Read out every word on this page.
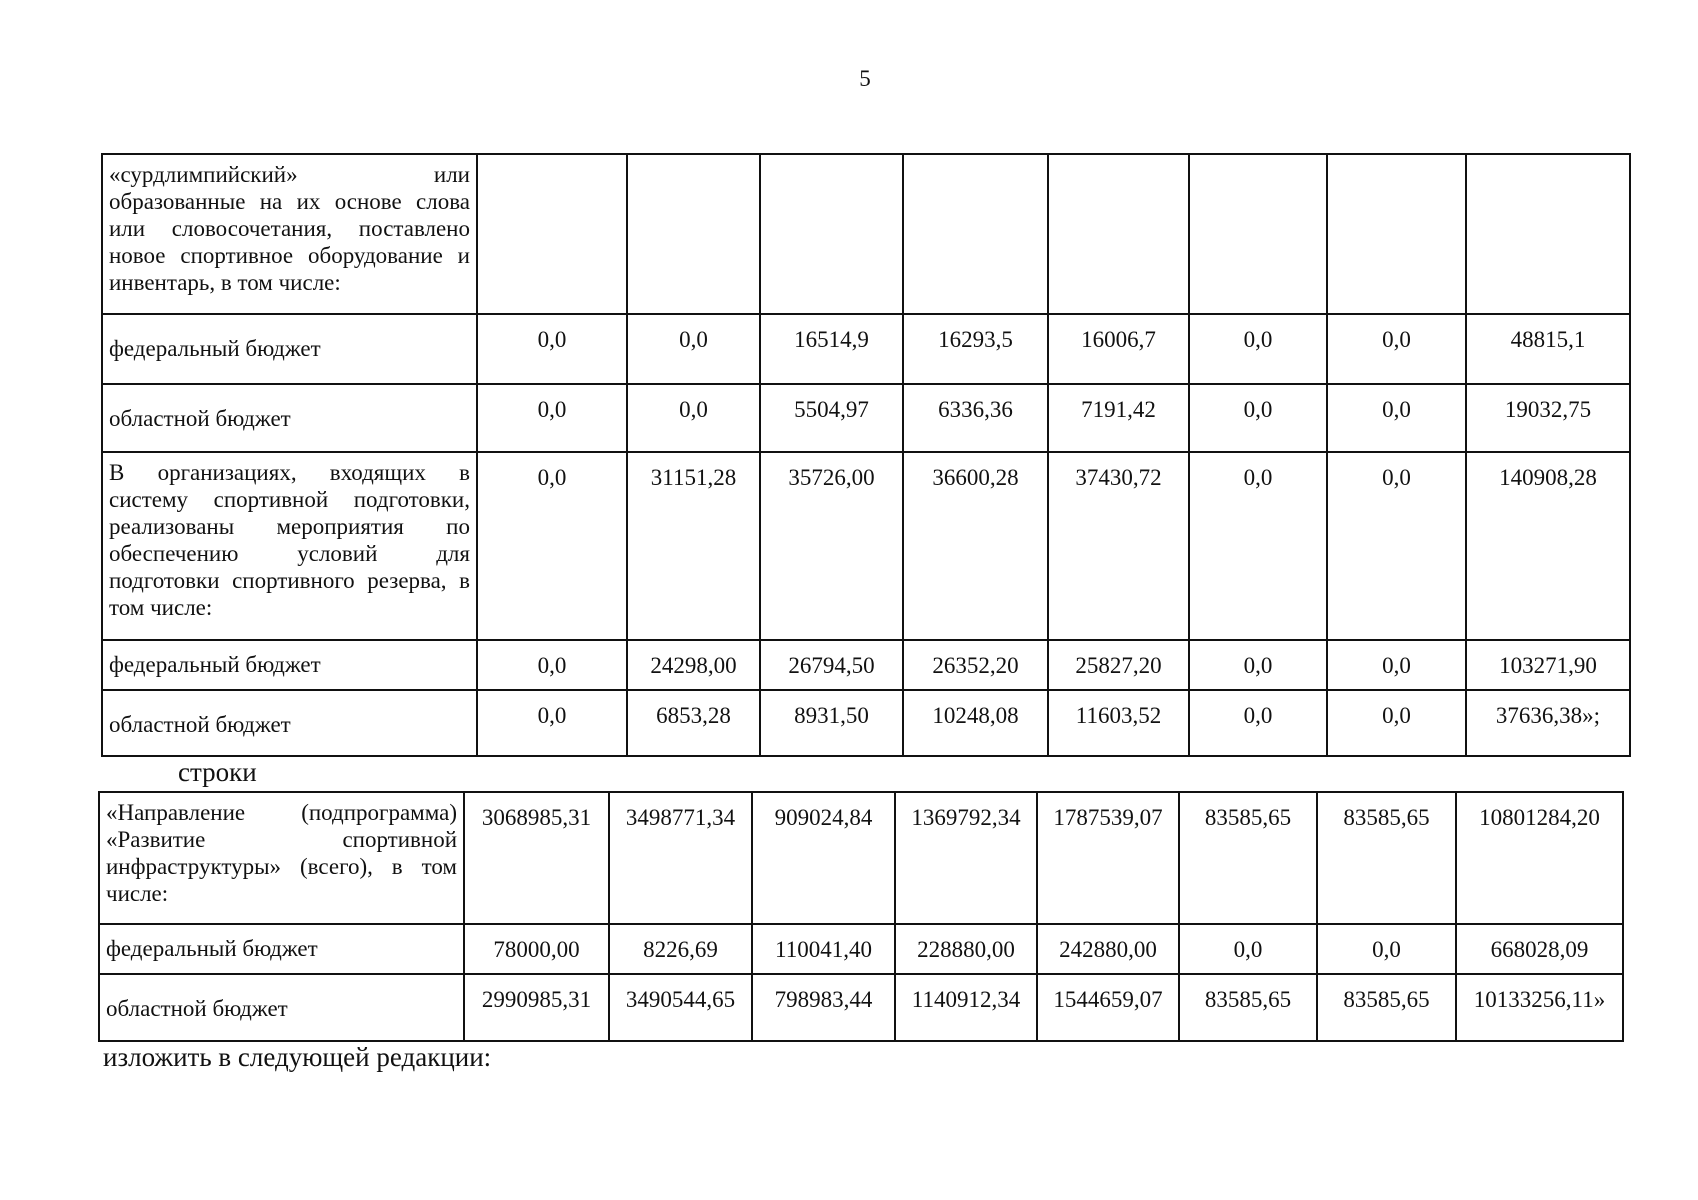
5
«сурдлимпийский» или образованные на их основе слова или словосочетания, поставлено новое спортивное оборудование и инвентарь, в том числе:								
федеральный бюджет	0,0	0,0	16514,9	16293,5	16006,7	0,0	0,0	48815,1
областной бюджет	0,0	0,0	5504,97	6336,36	7191,42	0,0	0,0	19032,75
В организациях, входящих в систему спортивной подготовки, реализованы мероприятия по обеспечению условий для подготовки спортивного резерва, в том числе:	0,0	31151,28	35726,00	36600,28	37430,72	0,0	0,0	140908,28
федеральный бюджет	0,0	24298,00	26794,50	26352,20	25827,20	0,0	0,0	103271,90
областной бюджет	0,0	6853,28	8931,50	10248,08	11603,52	0,0	0,0	37636,38»;
строки
«Направление (подпрограмма) «Развитие спортивной инфраструктуры» (всего), в том числе:	3068985,31	3498771,34	909024,84	1369792,34	1787539,07	83585,65	83585,65	10801284,20
федеральный бюджет	78000,00	8226,69	110041,40	228880,00	242880,00	0,0	0,0	668028,09
областной бюджет	2990985,31	3490544,65	798983,44	1140912,34	1544659,07	83585,65	83585,65	10133256,11»
изложить в следующей редакции:
